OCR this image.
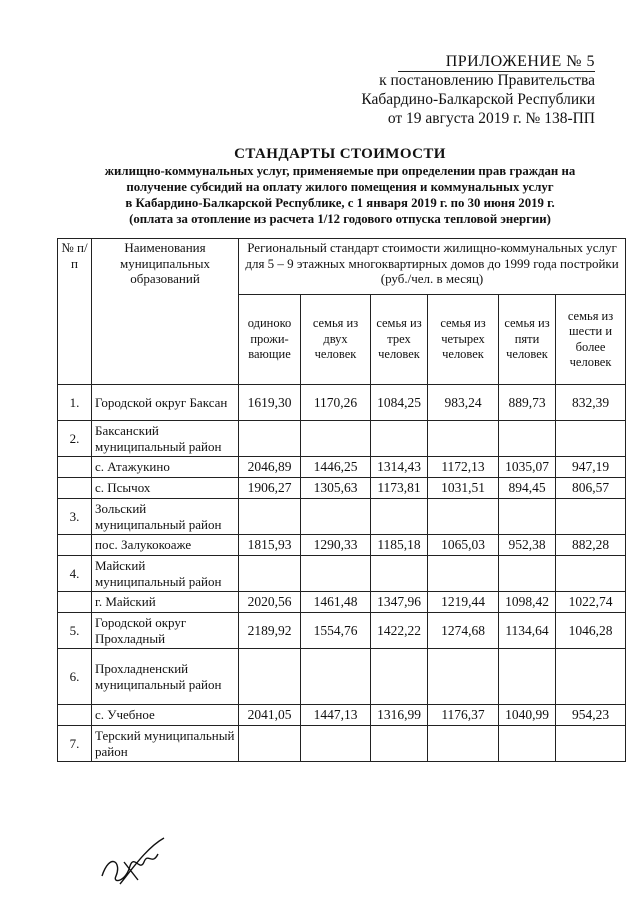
ПРИЛОЖЕНИЕ № 5
к постановлению Правительства
Кабардино-Балкарской Республики
от 19 августа 2019 г. № 138-ПП
СТАНДАРТЫ СТОИМОСТИ
жилищно-коммунальных услуг, применяемые при определении прав граждан на
получение субсидий на оплату жилого помещения и коммунальных услуг
в Кабардино-Балкарской Республике, с 1 января 2019 г. по 30 июня 2019 г.
(оплата за отопление из расчета 1/12 годового отпуска тепловой энергии)
№ п/п	Наименования муниципальных образований	Региональный стандарт стоимости жилищно-коммунальных услуг для 5 – 9 этажных многоквартирных домов до 1999 года постройки (руб./чел. в месяц)					
		одиноко прожи-вающие	семья из двух человек	семья из трех человек	семья из четырех человек	семья из пяти человек	семья из шести и более человек
1.	Городской округ Баксан	1619,30	1170,26	1084,25	983,24	889,73	832,39
2.	Баксанский муниципальный район						
	с. Атажукино	2046,89	1446,25	1314,43	1172,13	1035,07	947,19
	с. Псычох	1906,27	1305,63	1173,81	1031,51	894,45	806,57
3.	Зольский муниципальный район						
	пос. Залукокоаже	1815,93	1290,33	1185,18	1065,03	952,38	882,28
4.	Майский муниципальный район						
	г. Майский	2020,56	1461,48	1347,96	1219,44	1098,42	1022,74
5.	Городской округ Прохладный	2189,92	1554,76	1422,22	1274,68	1134,64	1046,28
6.	Прохладненский муниципальный район						
	с. Учебное	2041,05	1447,13	1316,99	1176,37	1040,99	954,23
7.	Терский муниципальный район						
